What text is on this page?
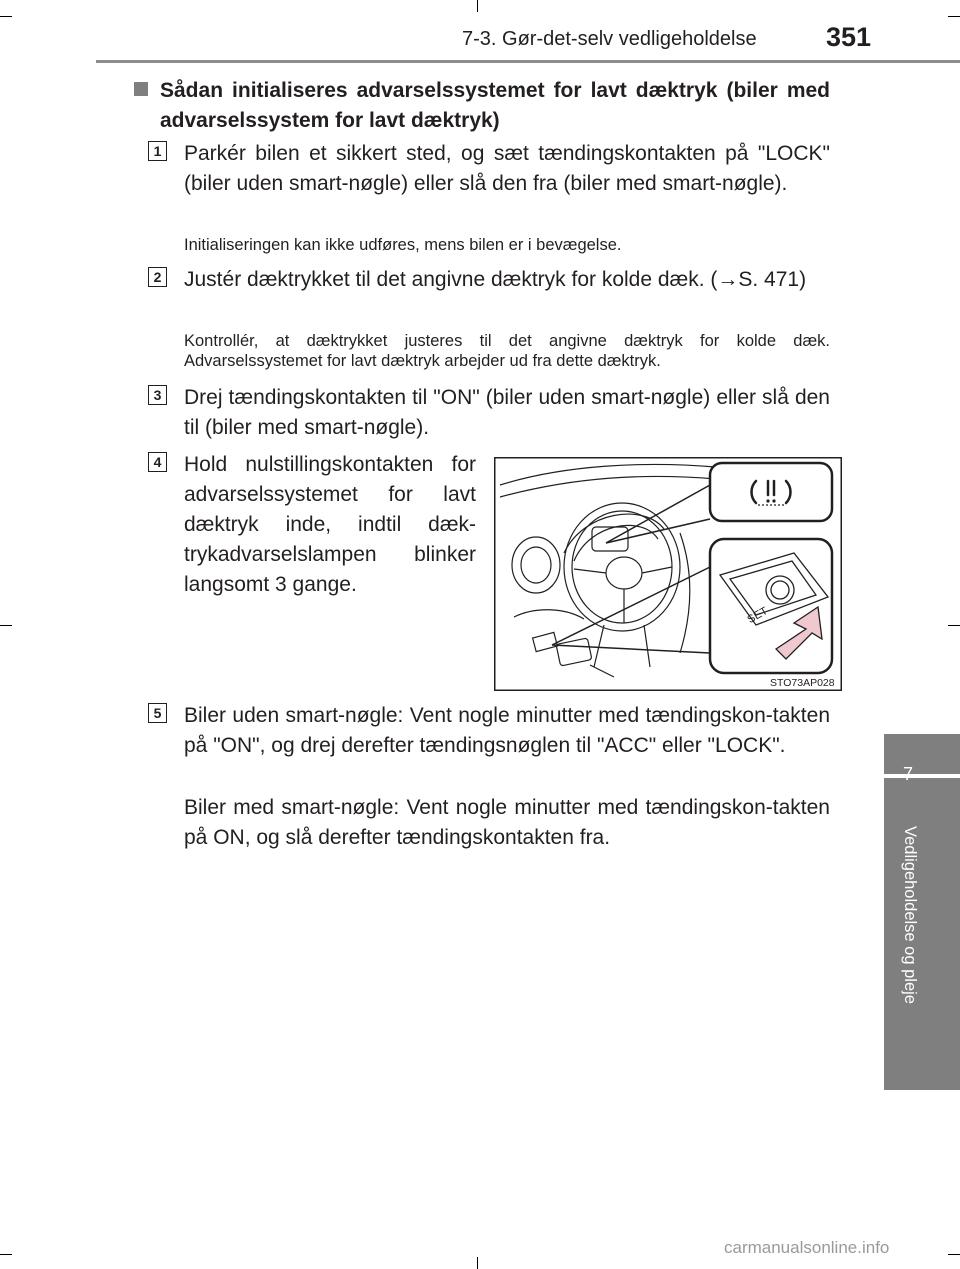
7-3. Gør-det-selv vedligeholdelse	351
7
Vedligeholdelse og pleje

Sådan initialiseres advarselssystemet for lavt dæktryk (biler med advarselssystem for lavt dæktryk)

1 Parkér bilen et sikkert sted, og sæt tændingskontakten på "LOCK" (biler uden smart-nøgle) eller slå den fra (biler med smart-nøgle).

Initialiseringen kan ikke udføres, mens bilen er i bevægelse.

2 Justér dæktrykket til det angivne dæktryk for kolde dæk. (→S. 471)

Kontrollér, at dæktrykket justeres til det angivne dæktryk for kolde dæk. Advarselssystemet for lavt dæktryk arbejder ud fra dette dæktryk.

3 Drej tændingskontakten til "ON" (biler uden smart-nøgle) eller slå den til (biler med smart-nøgle).

4 Hold nulstillingskontakten for advarselssystemet for lavt dæktryk inde, indtil dæk-trykadvarselslampen blinker langsomt 3 gange.

SET
STO73AP028
5 Biler uden smart-nøgle: Vent nogle minutter med tændingskon-takten på "ON", og drej derefter tændingsnøglen til "ACC" eller "LOCK".

Biler med smart-nøgle: Vent nogle minutter med tændingskon-takten på ON, og slå derefter tændingskontakten fra.

carmanualsonline.info
